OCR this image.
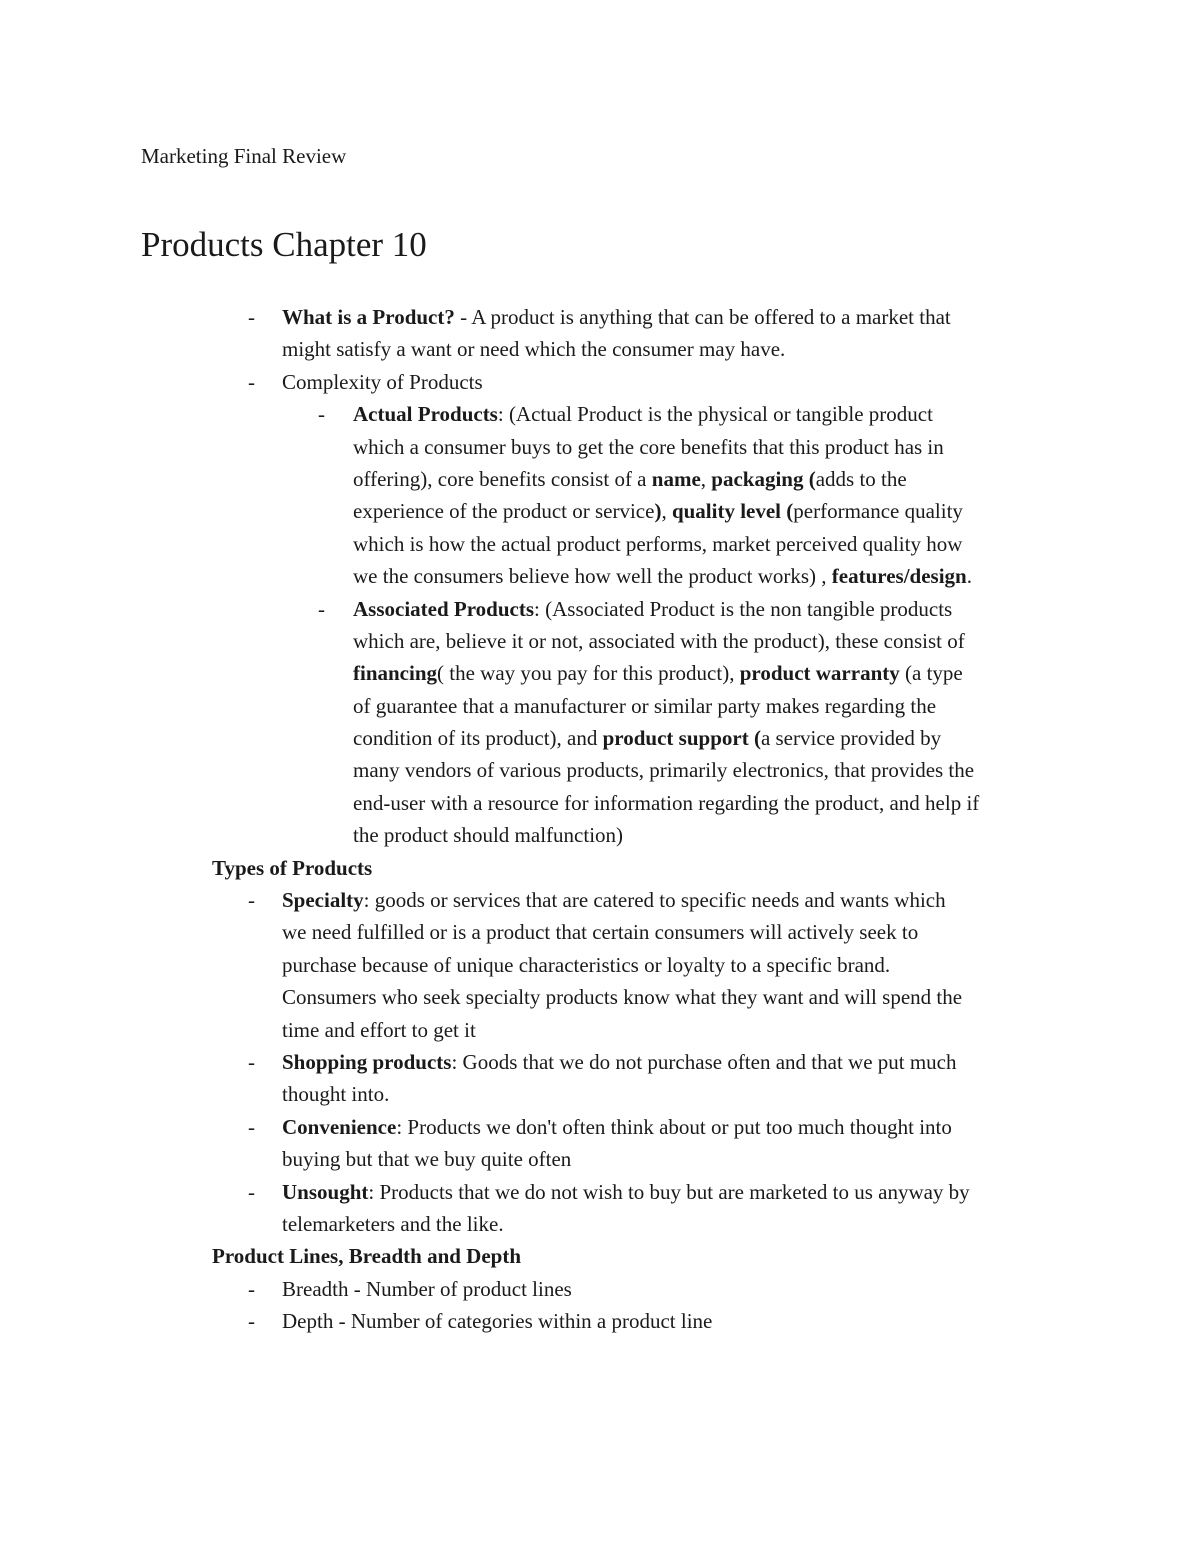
Marketing Final Review
Products Chapter 10
- What is a Product? - A product is anything that can be offered to a market that
might satisfy a want or need which the consumer may have.
- Complexity of Products
- Actual Products: (Actual Product is the physical or tangible product
which a consumer buys to get the core benefits that this product has in
offering), core benefits consist of a name, packaging (adds to the
experience of the product or service), quality level (performance quality
which is how the actual product performs, market perceived quality how
we the consumers believe how well the product works) , features/design.
- Associated Products: (Associated Product is the non tangible products
which are, believe it or not, associated with the product), these consist of
financing( the way you pay for this product), product warranty (a type
of guarantee that a manufacturer or similar party makes regarding the
condition of its product), and product support (a service provided by
many vendors of various products, primarily electronics, that provides the
end-user with a resource for information regarding the product, and help if
the product should malfunction)
Types of Products
- Specialty: goods or services that are catered to specific needs and wants which
we need fulfilled or is a product that certain consumers will actively seek to
purchase because of unique characteristics or loyalty to a specific brand.
Consumers who seek specialty products know what they want and will spend the
time and effort to get it
- Shopping products: Goods that we do not purchase often and that we put much
thought into.
- Convenience: Products we don't often think about or put too much thought into
buying but that we buy quite often
- Unsought: Products that we do not wish to buy but are marketed to us anyway by
telemarketers and the like.
Product Lines, Breadth and Depth
- Breadth - Number of product lines
- Depth - Number of categories within a product line
